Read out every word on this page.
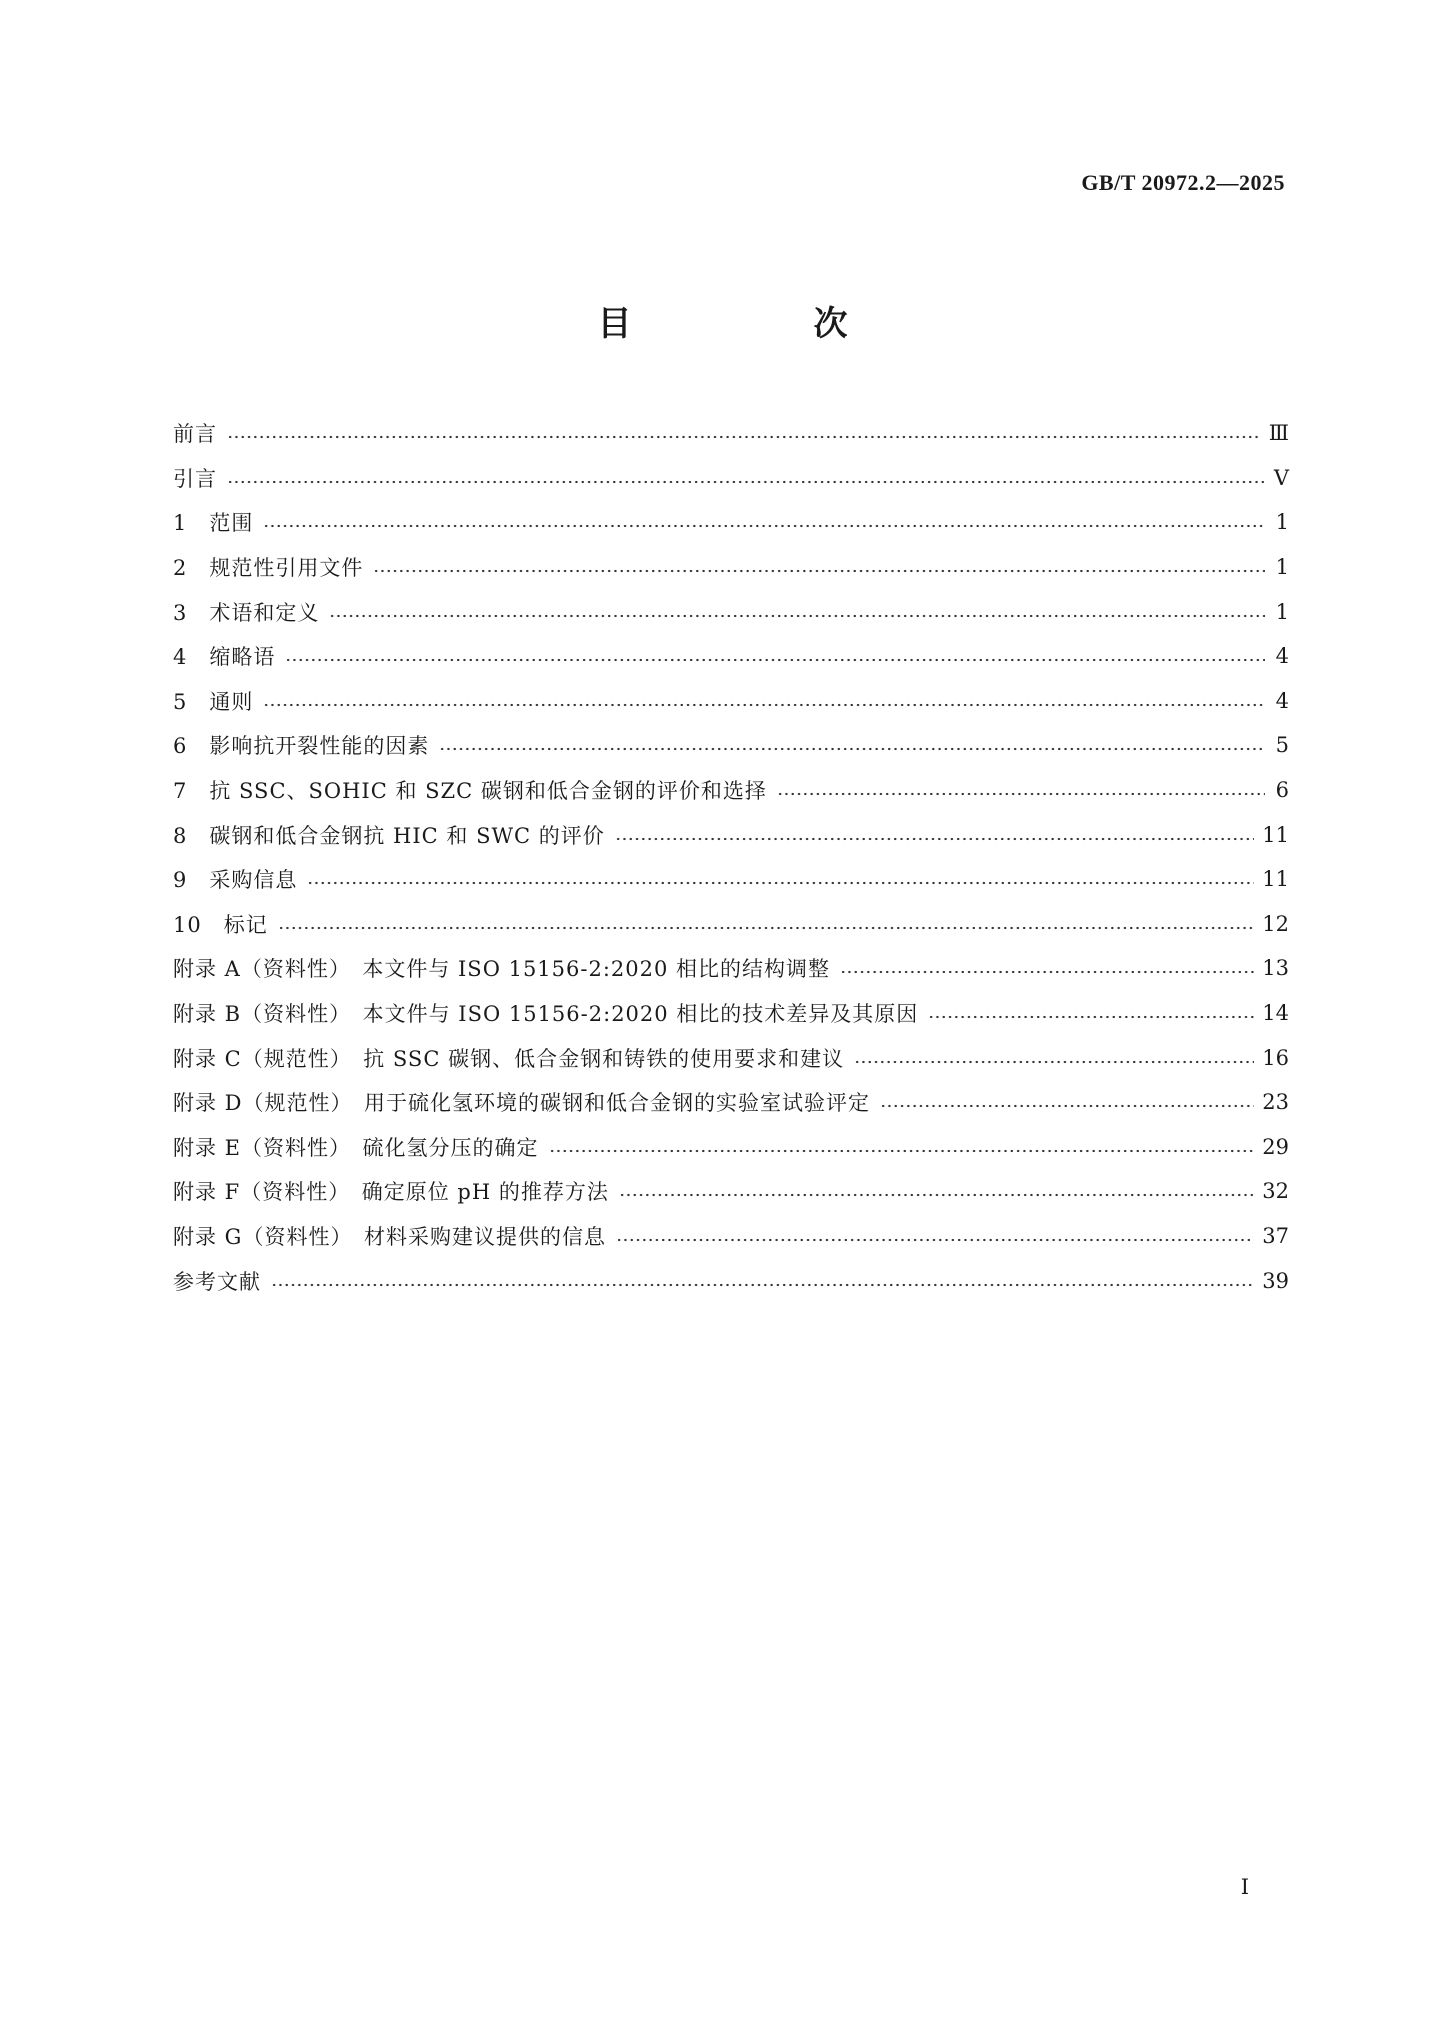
GB/T 20972.2—2025
目　次
前言	Ⅲ
引言	Ⅴ
1　范围	1
2　规范性引用文件	1
3　术语和定义	1
4　缩略语	4
5　通则	4
6　影响抗开裂性能的因素	5
7　抗 SSC、SOHIC 和 SZC 碳钢和低合金钢的评价和选择	6
8　碳钢和低合金钢抗 HIC 和 SWC 的评价	11
9　采购信息	11
10　标记	12
附录 A（资料性）　本文件与 ISO 15156-2:2020 相比的结构调整	13
附录 B（资料性）　本文件与 ISO 15156-2:2020 相比的技术差异及其原因	14
附录 C（规范性）　抗 SSC 碳钢、低合金钢和铸铁的使用要求和建议	16
附录 D（规范性）　用于硫化氢环境的碳钢和低合金钢的实验室试验评定	23
附录 E（资料性）　硫化氢分压的确定	29
附录 F（资料性）　确定原位 pH 的推荐方法	32
附录 G（资料性）　材料采购建议提供的信息	37
参考文献	39
Ⅰ
